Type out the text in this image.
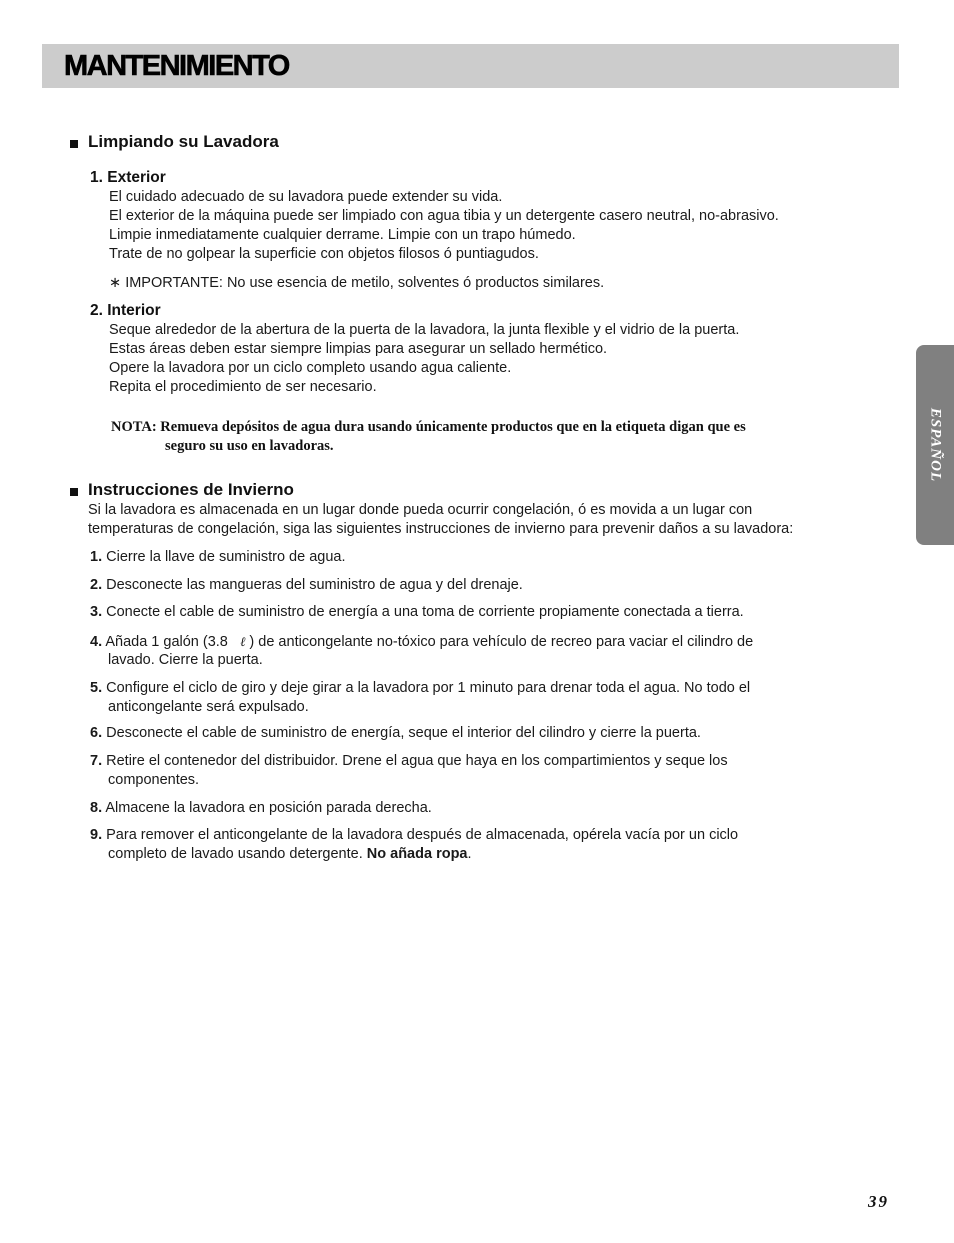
MANTENIMIENTO
Limpiando su Lavadora
1. Exterior
El cuidado adecuado de su lavadora puede extender su vida.
El exterior de la máquina puede ser limpiado con agua tibia y un detergente casero neutral, no-abrasivo.
Limpie inmediatamente cualquier derrame. Limpie con un trapo húmedo.
Trate de no golpear la superficie con objetos filosos ó puntiagudos.
∗ IMPORTANTE: No use esencia de metilo, solventes ó productos similares.
2. Interior
Seque alrededor de la abertura de la puerta de la lavadora, la junta flexible y el vidrio de la puerta.
Estas áreas deben estar siempre limpias para asegurar un sellado hermético.
Opere la lavadora por un ciclo completo usando agua caliente.
Repita el procedimiento de ser necesario.
NOTA: Remueva depósitos de agua dura usando únicamente productos que en la etiqueta digan que es
seguro su uso en lavadoras.
Instrucciones de Invierno
Si la lavadora es almacenada en un lugar donde pueda ocurrir congelación, ó es movida a un lugar con
temperaturas de congelación, siga las siguientes instrucciones de invierno para prevenir daños a su lavadora:
1. Cierre la llave de suministro de agua.
2. Desconecte las mangueras del suministro de agua y del drenaje.
3. Conecte el cable de suministro de energía a una toma de corriente propiamente conectada a tierra.
4. Añada 1 galón (3.8 ℓ ) de anticongelante no-tóxico para vehículo de recreo para vaciar el cilindro de
lavado. Cierre la puerta.
5. Configure el ciclo de giro y deje girar a la lavadora por 1 minuto para drenar toda el agua. No todo el
anticongelante será expulsado.
6. Desconecte el cable de suministro de energía, seque el interior del cilindro y cierre la puerta.
7. Retire el contenedor del distribuidor. Drene el agua que haya en los compartimientos y seque los
componentes.
8. Almacene la lavadora en posición parada derecha.
9. Para remover el anticongelante de la lavadora después de almacenada, opérela vacía por un ciclo
completo de lavado usando detergente. No añada ropa.
ESPAÑOL
39
